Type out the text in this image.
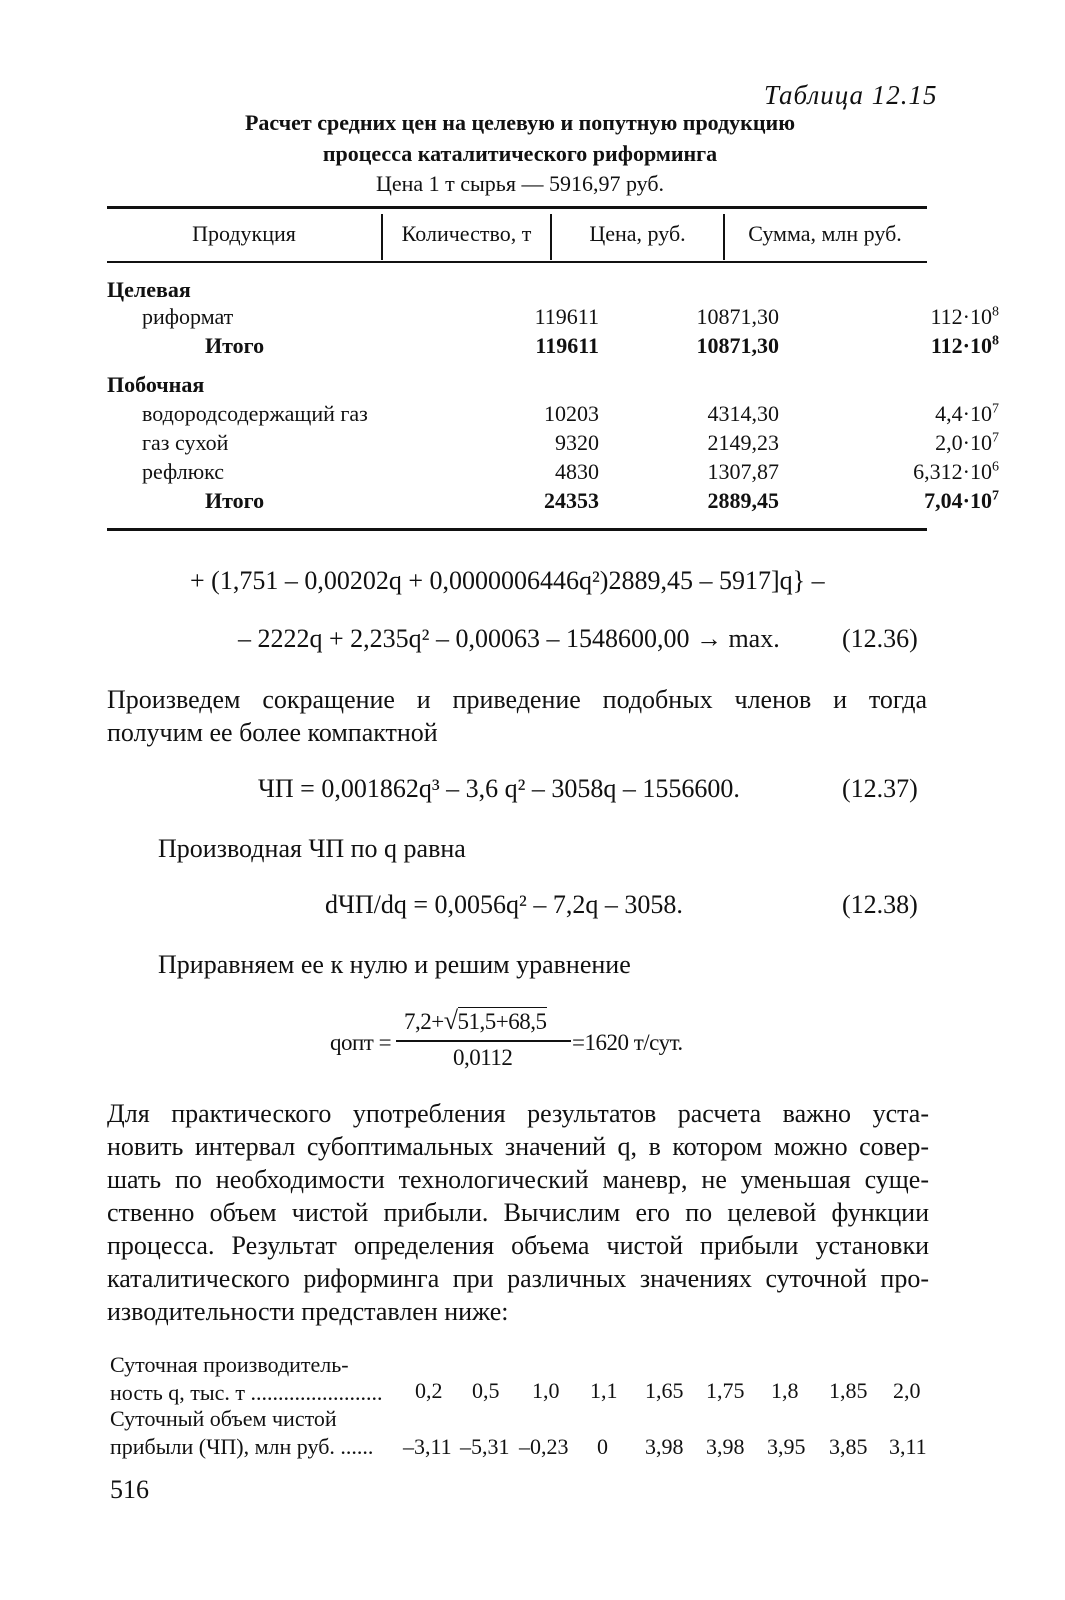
Таблица 12.15
Расчет средних цен на целевую и попутную продукцию
процесса каталитического риформинга
Цена 1 т сырья — 5916,97 руб.
Продукция	Количество, т	Цена, руб.	Сумма, млн руб.
Целевая
риформат	119611	10871,30	$112\cdot 10^8$
Итого	119611	10871,30	$112\cdot 10^8$
Побочная
водородсодержащий газ	10203	4314,30	$4,4\cdot 10^7$
газ сухой	9320	2149,23	$2,0\cdot 10^7$
рефлюкс	4830	1307,87	$6,312\cdot 10^6$
Итого	24353	2889,45	$7,04\cdot 10^7$
+ (1,751 – 0,00202q + 0,0000006446q²)2889,45 – 5917]q} –
– 2222q + 2,235q² – 0,00063 – 1548600,00 → max. (12.36)
Произведем сокращение и приведение подобных членов и тогда
получим ее более компактной
ЧП = 0,001862q³ – 3,6 q² – 3058q – 1556600.	(12.37)
Производная ЧП по q равна
dЧП/dq = 0,0056q² – 7,2q – 3058.	(12.38)
Приравняем ее к нулю и решим уравнение
qопт =
7,2+√51,5+68,5
0,0112
=1620 т/сут.
Для практического употребления результатов расчета важно уста-
новить интервал субоптимальных значений q, в котором можно совер-
шать по необходимости технологический маневр, не уменьшая суще-
ственно объем чистой прибыли. Вычислим его по целевой функции
процесса. Результат определения объема чистой прибыли установки
каталитического риформинга при различных значениях суточной про-
изводительности представлен ниже:
Суточная производитель-
ность q, тыс. т ........................ 0,2 0,5 1,0 1,1 1,65 1,75 1,8 1,85 2,0
Суточный объем чистой
прибыли (ЧП), млн руб. ...... –3,11 –5,31 –0,23 0 3,98 3,98 3,95 3,85 3,11
516
